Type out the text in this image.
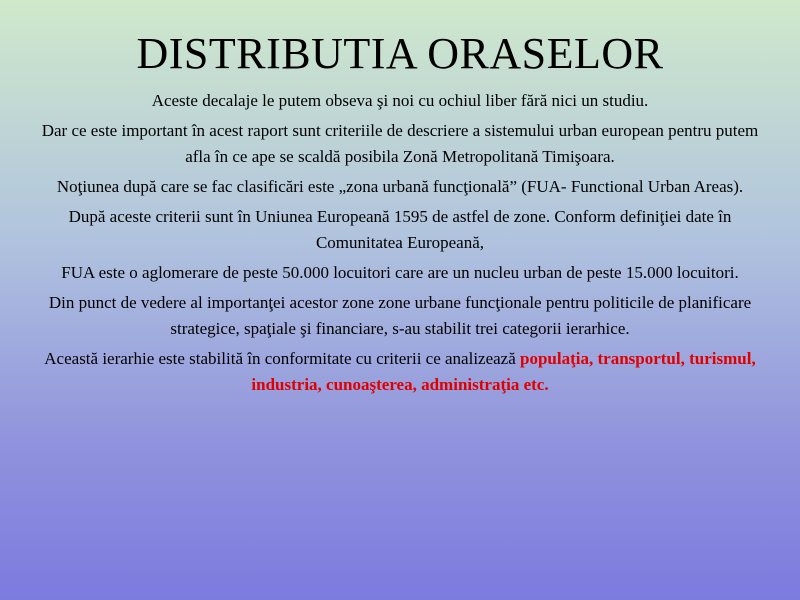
DISTRIBUTIA ORASELOR

Aceste decalaje le putem obseva şi noi cu ochiul liber fără nici un studiu.

Dar ce este important în acest raport sunt criteriile de descriere a sistemului urban european pentru putem afla în ce ape se scaldă posibila Zonă Metropolitană Timişoara.

Noţiunea după care se fac clasificări este „zona urbană funcţională” (FUA- Functional Urban Areas).

După aceste criterii sunt în Uniunea Europeană 1595 de astfel de zone. Conform definiţiei date în Comunitatea Europeană,

FUA este o aglomerare de peste 50.000 locuitori care are un nucleu urban de peste 15.000 locuitori.

Din punct de vedere al importanţei acestor zone zone urbane funcţionale pentru politicile de planificare strategice, spaţiale şi financiare, s-au stabilit trei categorii ierarhice.

Această ierarhie este stabilită în conformitate cu criterii ce analizează populaţia, transportul, turismul, industria, cunoaşterea, administraţia etc.
